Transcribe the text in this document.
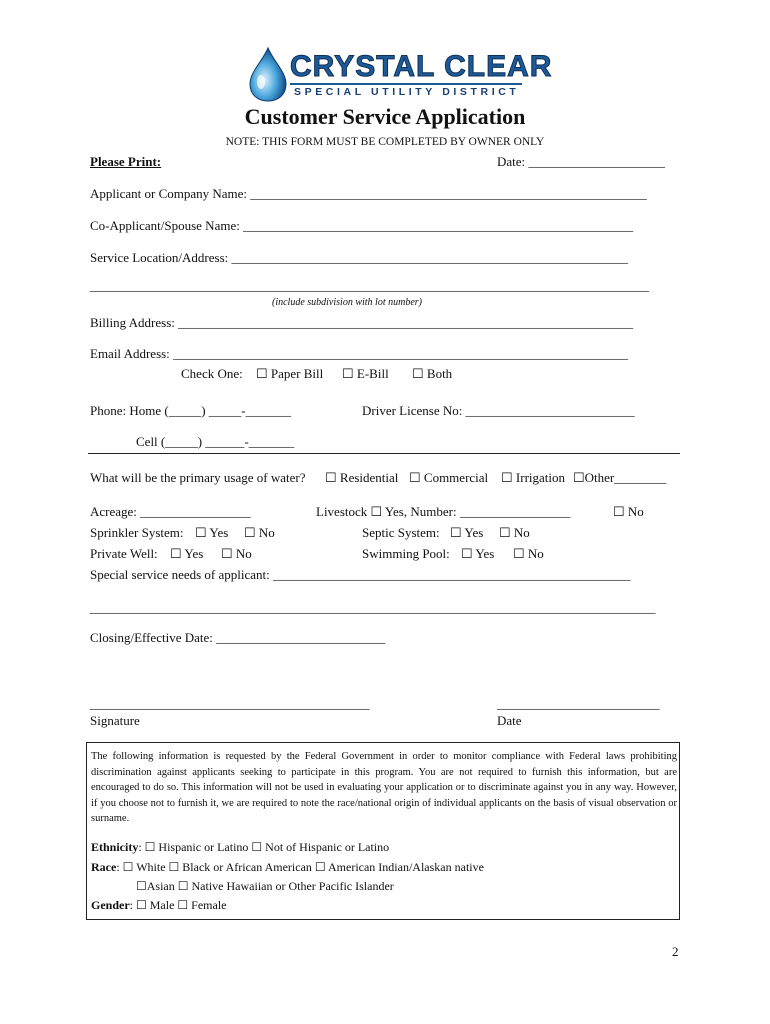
CRYSTAL CLEAR
SPECIAL UTILITY DISTRICT
Customer Service Application
NOTE: THIS FORM MUST BE COMPLETED BY OWNER ONLY
Please Print:	Date: _____________________
Applicant or Company Name: _____________________________________________________________
Co-Applicant/Spouse Name: ____________________________________________________________
Service Location/Address: _____________________________________________________________
______________________________________________________________________________________
(include subdivision with lot number)
Billing Address: ______________________________________________________________________
Email Address: ______________________________________________________________________
Check One: ☐ Paper Bill ☐ E-Bill ☐ Both
Phone: Home (_____) _____-_______	Driver License No: __________________________
Cell (_____) ______-_______
What will be the primary usage of water? ☐ Residential ☐ Commercial ☐ Irrigation ☐Other________
Acreage: _________________	Livestock ☐ Yes, Number: _________________	☐ No
Sprinkler System: ☐ Yes ☐ No	Septic System: ☐ Yes ☐ No
Private Well: ☐ Yes ☐ No	Swimming Pool: ☐ Yes ☐ No
Special service needs of applicant: _______________________________________________________
_______________________________________________________________________________________
Closing/Effective Date: __________________________
___________________________________________	_________________________
Signature	Date
The following information is requested by the Federal Government in order to monitor compliance with Federal laws prohibiting discrimination against applicants seeking to participate in this program. You are not required to furnish this information, but are encouraged to do so. This information will not be used in evaluating your application or to discriminate against you in any way. However, if you choose not to furnish it, we are required to note the race/national origin of individual applicants on the basis of visual observation or surname.
Ethnicity: ☐ Hispanic or Latino ☐ Not of Hispanic or Latino
Race: ☐ White ☐ Black or African American ☐ American Indian/Alaskan native
☐Asian ☐ Native Hawaiian or Other Pacific Islander
Gender: ☐ Male ☐ Female
2
